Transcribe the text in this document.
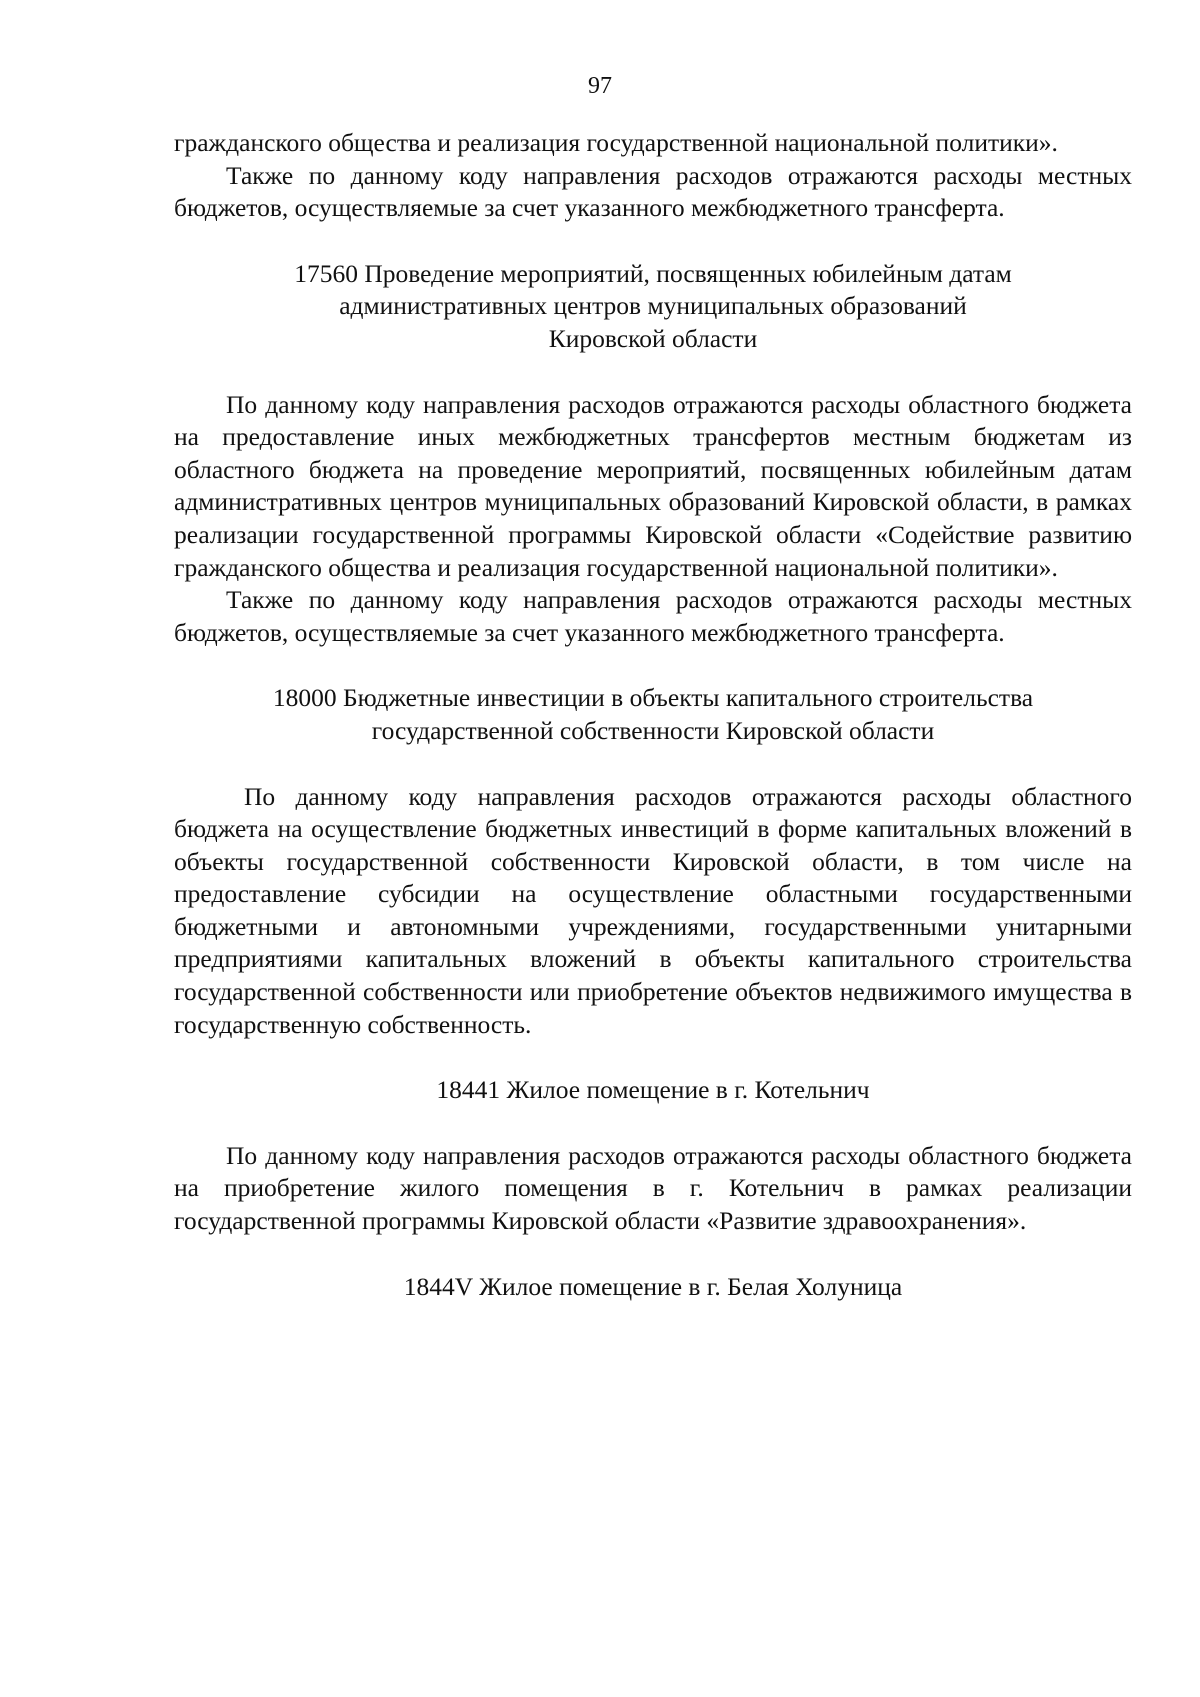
97

гражданского общества и реализация государственной национальной политики».

Также по данному коду направления расходов отражаются расходы местных бюджетов, осуществляемые за счет указанного межбюджетного трансферта.

17560 Проведение мероприятий, посвященных юбилейным датам

административных центров муниципальных образований

Кировской области

По данному коду направления расходов отражаются расходы областного бюджета на предоставление иных межбюджетных трансфертов местным бюджетам из областного бюджета на проведение мероприятий, посвященных юбилейным датам административных центров муниципальных образований Кировской области, в рамках реализации государственной программы Кировской области «Содействие развитию гражданского общества и реализация государственной национальной политики».

Также по данному коду направления расходов отражаются расходы местных бюджетов, осуществляемые за счет указанного межбюджетного трансферта.

18000 Бюджетные инвестиции в объекты капитального строительства

государственной собственности Кировской области

По данному коду направления расходов отражаются расходы областного бюджета на осуществление бюджетных инвестиций в форме капитальных вложений в объекты государственной собственности Кировской области, в том числе на предоставление субсидии на осуществление областными государственными бюджетными и автономными учреждениями, государственными унитарными предприятиями капитальных вложений в объекты капитального строительства государственной собственности или приобретение объектов недвижимого имущества в государственную собственность.

18441 Жилое помещение в г. Котельнич

По данному коду направления расходов отражаются расходы областного бюджета на приобретение жилого помещения в г. Котельнич в рамках реализации государственной программы Кировской области «Развитие здравоохранения».

1844V Жилое помещение в г. Белая Холуница
